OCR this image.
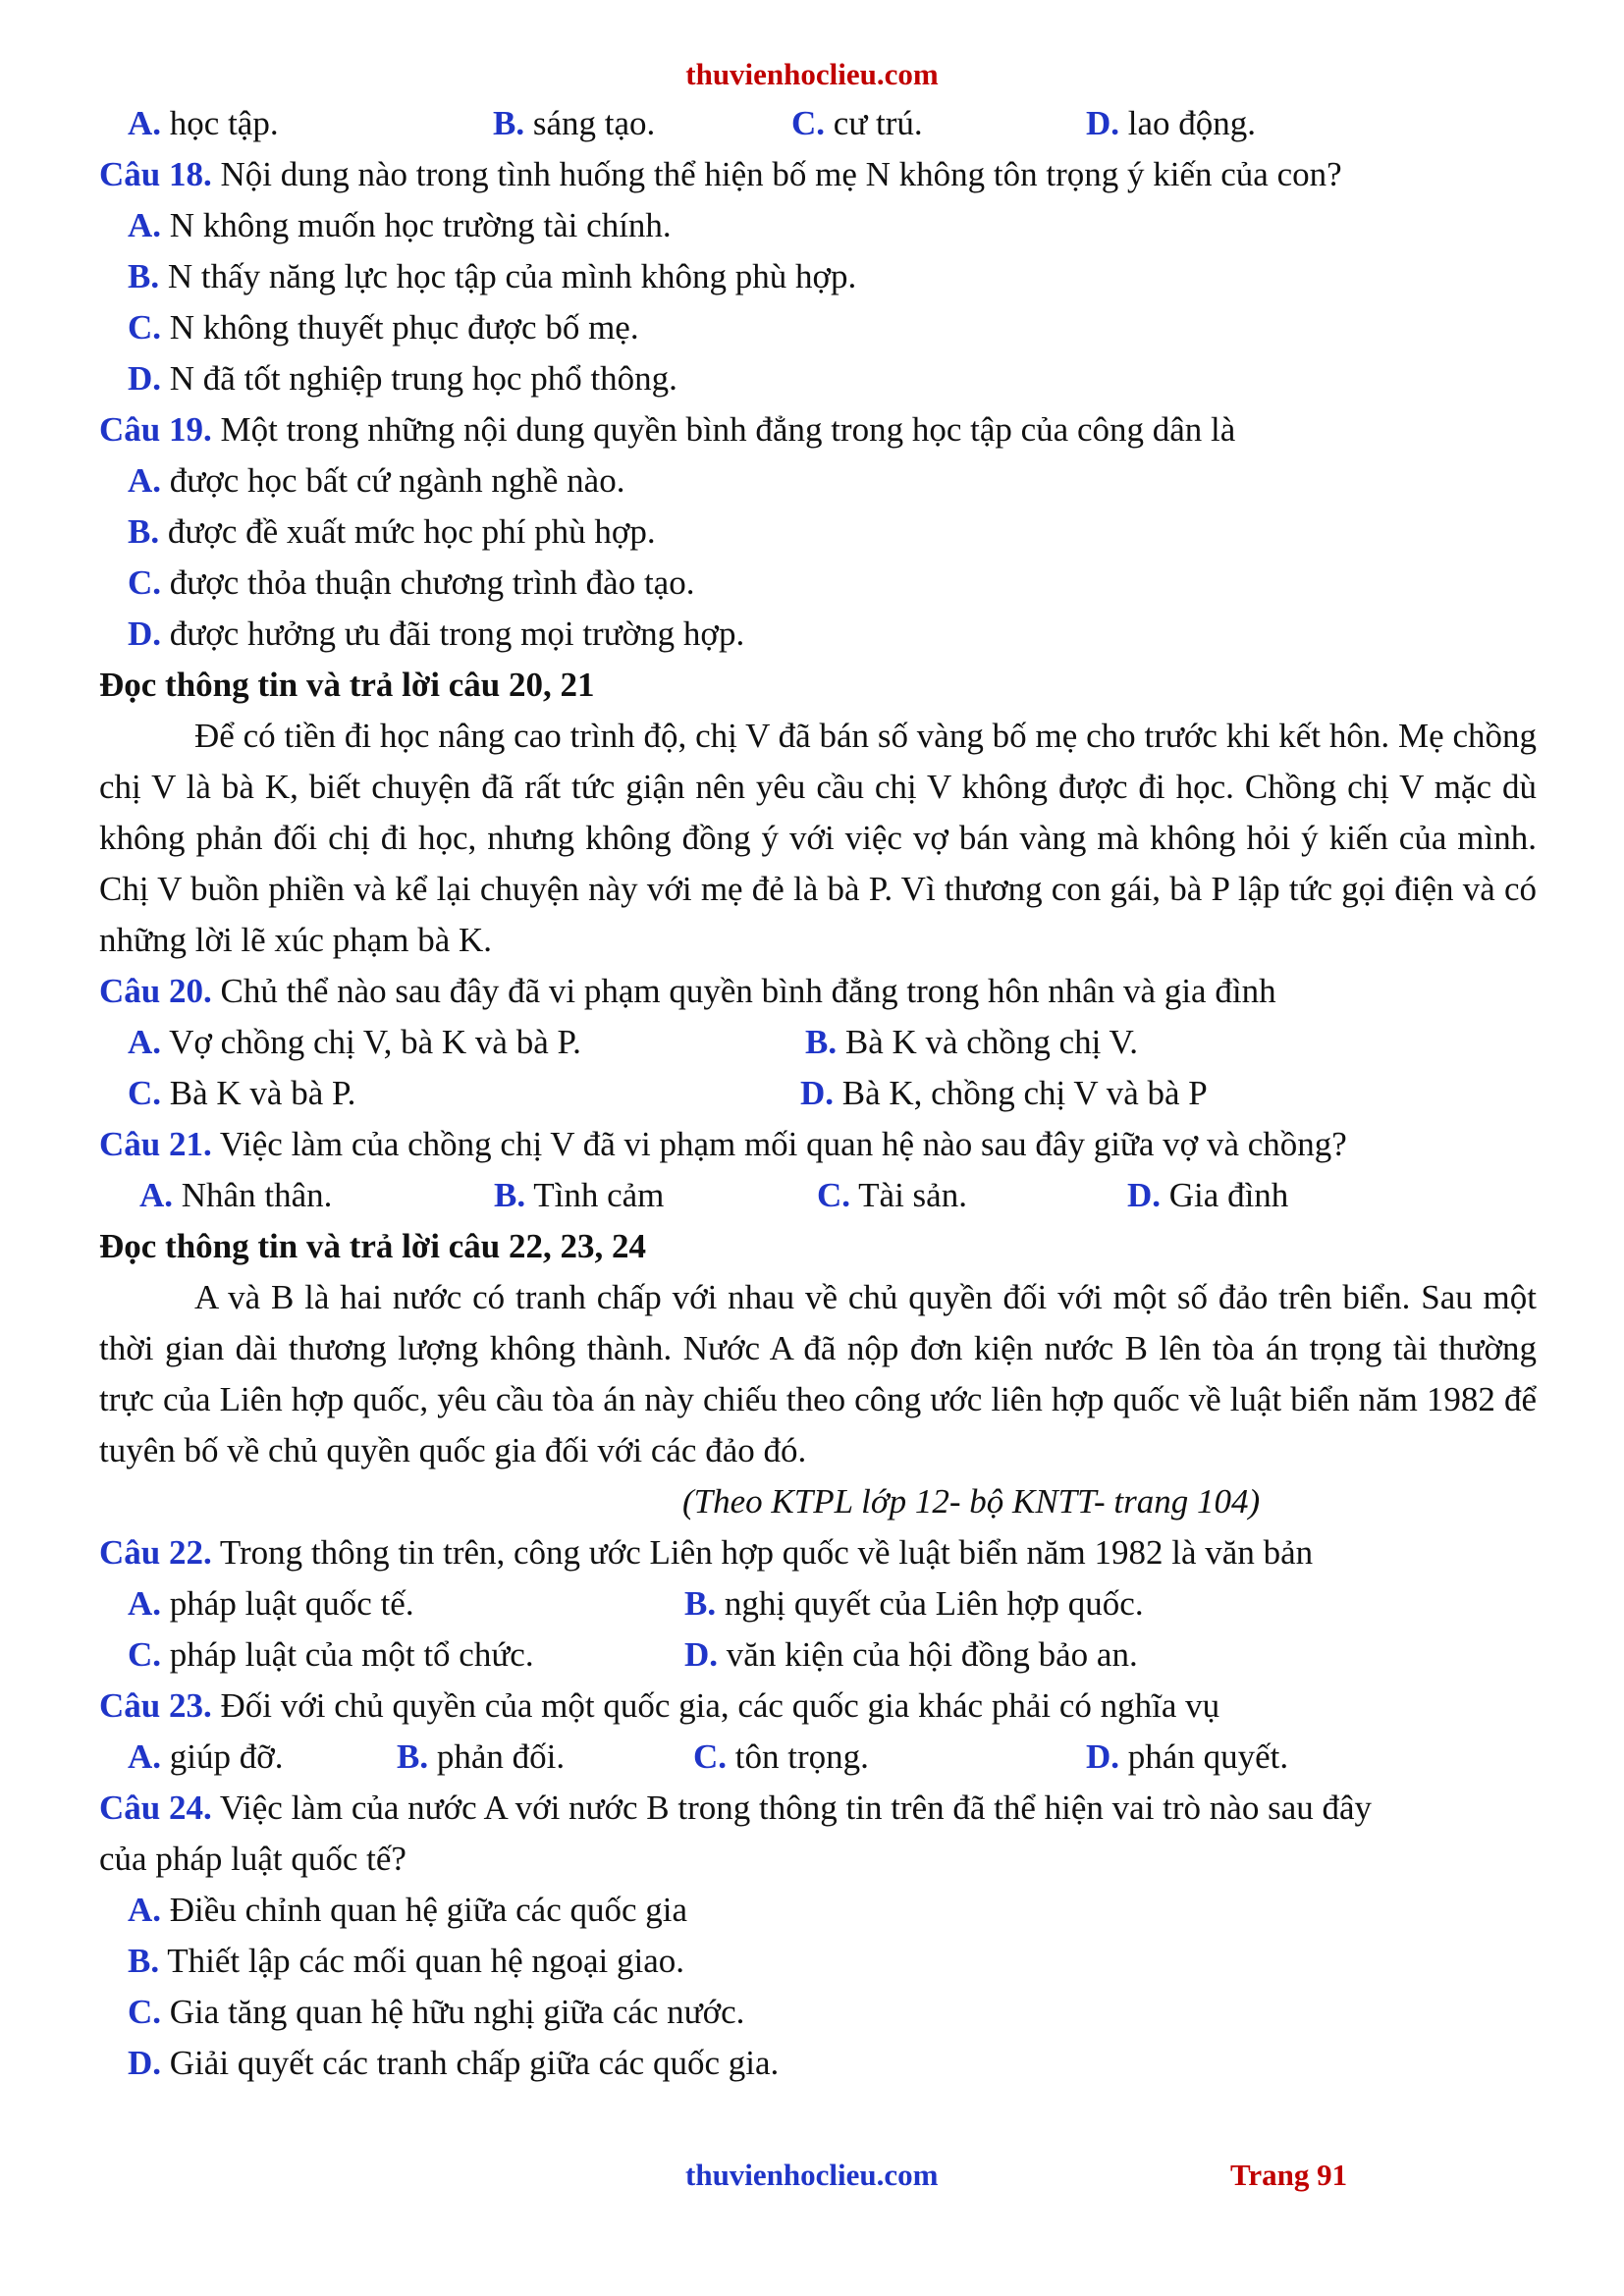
thuvienhoclieu.com
A. học tập.	B. sáng tạo.	C. cư trú.	D. lao động.
Câu 18. Nội dung nào trong tình huống thể hiện bố mẹ N không tôn trọng ý kiến của con?
A. N không muốn học trường tài chính.
B. N thấy năng lực học tập của mình không phù hợp.
C. N không thuyết phục được bố mẹ.
D. N đã tốt nghiệp trung học phổ thông.
Câu 19. Một trong những nội dung quyền bình đẳng trong học tập của công dân là
A. được học bất cứ ngành nghề nào.
B. được đề xuất mức học phí phù hợp.
C. được thỏa thuận chương trình đào tạo.
D. được hưởng ưu đãi trong mọi trường hợp.
Đọc thông tin và trả lời câu 20, 21
Để có tiền đi học nâng cao trình độ, chị V đã bán số vàng bố mẹ cho trước khi kết hôn. Mẹ chồng chị V là bà K, biết chuyện đã rất tức giận nên yêu cầu chị V không được đi học. Chồng chị V mặc dù không phản đối chị đi học, nhưng không đồng ý với việc vợ bán vàng mà không hỏi ý kiến của mình. Chị V buồn phiền và kể lại chuyện này với mẹ đẻ là bà P. Vì thương con gái, bà P lập tức gọi điện và có những lời lẽ xúc phạm bà K.
Câu 20. Chủ thể nào sau đây đã vi phạm quyền bình đẳng trong hôn nhân và gia đình
A. Vợ chồng chị V, bà K và bà P.	B. Bà K và chồng chị V.
C. Bà K và bà P.	D. Bà K, chồng chị V và bà P
Câu 21. Việc làm của chồng chị V đã vi phạm mối quan hệ nào sau đây giữa vợ và chồng?
A. Nhân thân.	B. Tình cảm	C. Tài sản.	D. Gia đình
Đọc thông tin và trả lời câu 22, 23, 24
A và B là hai nước có tranh chấp với nhau về chủ quyền đối với một số đảo trên biển. Sau một thời gian dài thương lượng không thành. Nước A đã nộp đơn kiện nước B lên tòa án trọng tài thường trực của Liên hợp quốc, yêu cầu tòa án này chiếu theo công ước liên hợp quốc về luật biển năm 1982 để tuyên bố về chủ quyền quốc gia đối với các đảo đó.
(Theo KTPL lớp 12- bộ KNTT- trang 104)
Câu 22. Trong thông tin trên, công ước Liên hợp quốc về luật biển năm 1982 là văn bản
A. pháp luật quốc tế.	B. nghị quyết của Liên hợp quốc.
C. pháp luật của một tổ chức.	D. văn kiện của hội đồng bảo an.
Câu 23. Đối với chủ quyền của một quốc gia, các quốc gia khác phải có nghĩa vụ
A. giúp đỡ.	B. phản đối.	C. tôn trọng.	D. phán quyết.
Câu 24. Việc làm của nước A với nước B trong thông tin trên đã thể hiện vai trò nào sau đây
của pháp luật quốc tế?
A. Điều chỉnh quan hệ giữa các quốc gia
B. Thiết lập các mối quan hệ ngoại giao.
C. Gia tăng quan hệ hữu nghị giữa các nước.
D. Giải quyết các tranh chấp giữa các quốc gia.
thuvienhoclieu.com	Trang 91
